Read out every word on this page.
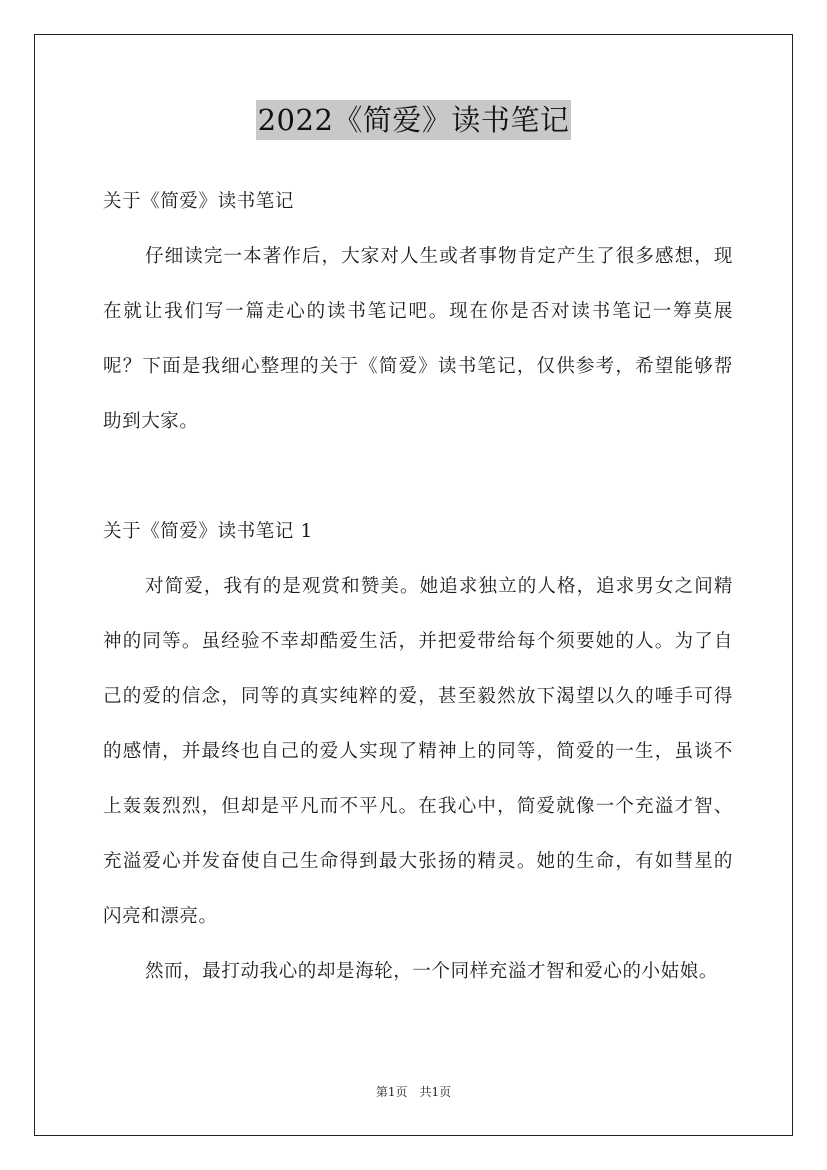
2022《简爱》读书笔记

关于《简爱》读书笔记

仔细读完一本著作后，大家对人生或者事物肯定产生了很多感想，现在就让我们写一篇走心的读书笔记吧。现在你是否对读书笔记一筹莫展呢？下面是我细心整理的关于《简爱》读书笔记，仅供参考，希望能够帮助到大家。

关于《简爱》读书笔记 1

对简爱，我有的是观赏和赞美。她追求独立的人格，追求男女之间精神的同等。虽经验不幸却酷爱生活，并把爱带给每个须要她的人。为了自己的爱的信念，同等的真实纯粹的爱，甚至毅然放下渴望以久的唾手可得的感情，并最终也自己的爱人实现了精神上的同等，简爱的一生，虽谈不上轰轰烈烈，但却是平凡而不平凡。在我心中，简爱就像一个充溢才智、充溢爱心并发奋使自己生命得到最大张扬的精灵。她的生命，有如彗星的闪亮和漂亮。

然而，最打动我心的却是海轮，一个同样充溢才智和爱心的小姑娘。

第1页　共1页
